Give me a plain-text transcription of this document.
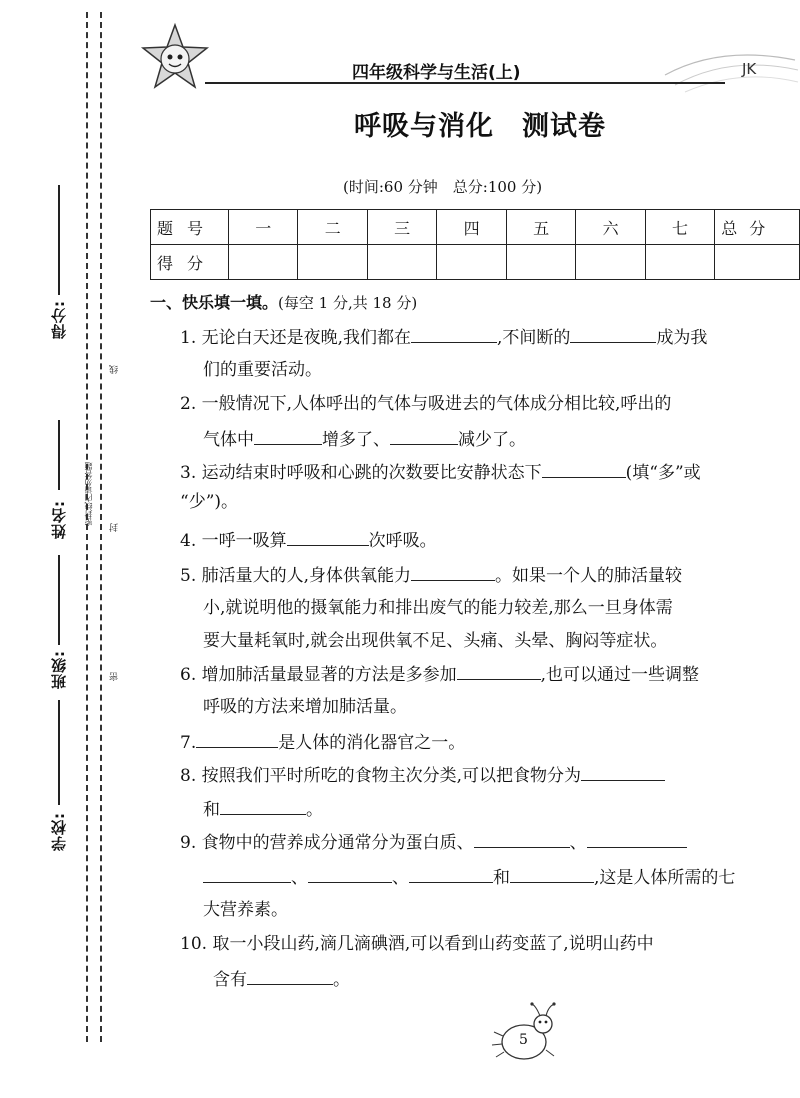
得分:
姓名:
班级:
学校:
线
密封线内请勿答题
封
密
四年级科学与生活(上)	JK
呼吸与消化　测试卷
(时间:60 分钟　总分:100 分)
题号	一	二	三	四	五	六	七	总分
得分								
一、快乐填一填。(每空 1 分,共 18 分)
1. 无论白天还是夜晚,我们都在	,不间断的	成为我
们的重要活动。
2. 一般情况下,人体呼出的气体与吸进去的气体成分相比较,呼出的
气体中	增多了、	减少了。
3. 运动结束时呼吸和心跳的次数要比安静状态下	(填“多”或
“少”)。
4. 一呼一吸算	次呼吸。
5. 肺活量大的人,身体供氧能力	。如果一个人的肺活量较
小,就说明他的摄氧能力和排出废气的能力较差,那么一旦身体需
要大量耗氧时,就会出现供氧不足、头痛、头晕、胸闷等症状。
6. 增加肺活量最显著的方法是多参加	,也可以通过一些调整
呼吸的方法来增加肺活量。
7.	是人体的消化器官之一。
8. 按照我们平时所吃的食物主次分类,可以把食物分为
和	。
9. 食物中的营养成分通常分为蛋白质、	、
、	、	和	,这是人体所需的七
大营养素。
10. 取一小段山药,滴几滴碘酒,可以看到山药变蓝了,说明山药中
含有	。
5
